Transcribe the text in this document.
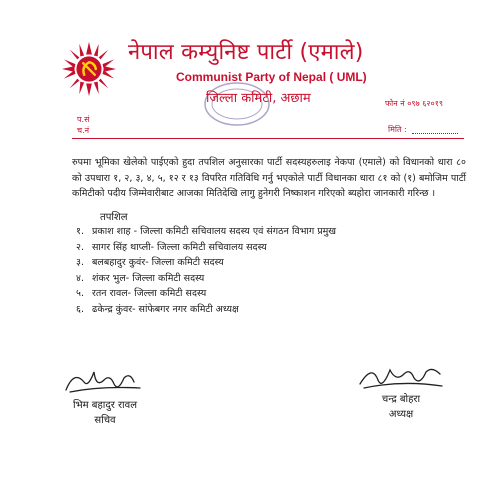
नेपाल कम्युनिष्ट पार्टी (एमाले)
Communist Party of Nepal ( UML)
जिल्ला कमिटी, अछाम	फोन नं ०९७ ६२०१९
प.सं
च.नं	मिति :
रुपमा भूमिका खेलेको पाईएको हुदा तपशिल अनुसारका पार्टी सदस्यहरुलाइ नेकपा (एमाले) को विधानको धारा ८० को उपधारा १, २, ३, ४, ५, १२ र १३ विपरित गतिविधि गर्नु भएकोले पार्टी विधानका धारा ८१ को (१) बमोजिम पार्टी कमिटीको पदीय जिम्मेवारीबाट आजका मितिदेखि लागु हुनेगरी निष्काशन गरिएको ब्यहोरा जानकारी गरिन्छ ।
तपशिल
१. प्रकाश शाह - जिल्ला कमिटी सचिवालय सदस्य एवं संगठन विभाग प्रमुख
२. सागर सिंह थाप्ली- जिल्ला कमिटी सचिवालय सदस्य
३. बलबहादुर कुवंर- जिल्ला कमिटी सदस्य
४. शंकर भुल- जिल्ला कमिटी सदस्य
५. रतन रावल- जिल्ला कमिटी सदस्य
६. ढकेन्द्र कुंवर- सांफेबगर नगर कमिटी अध्यक्ष
भिम बहादुर रावल
सचिव
चन्द्र बोहरा
अध्यक्ष
